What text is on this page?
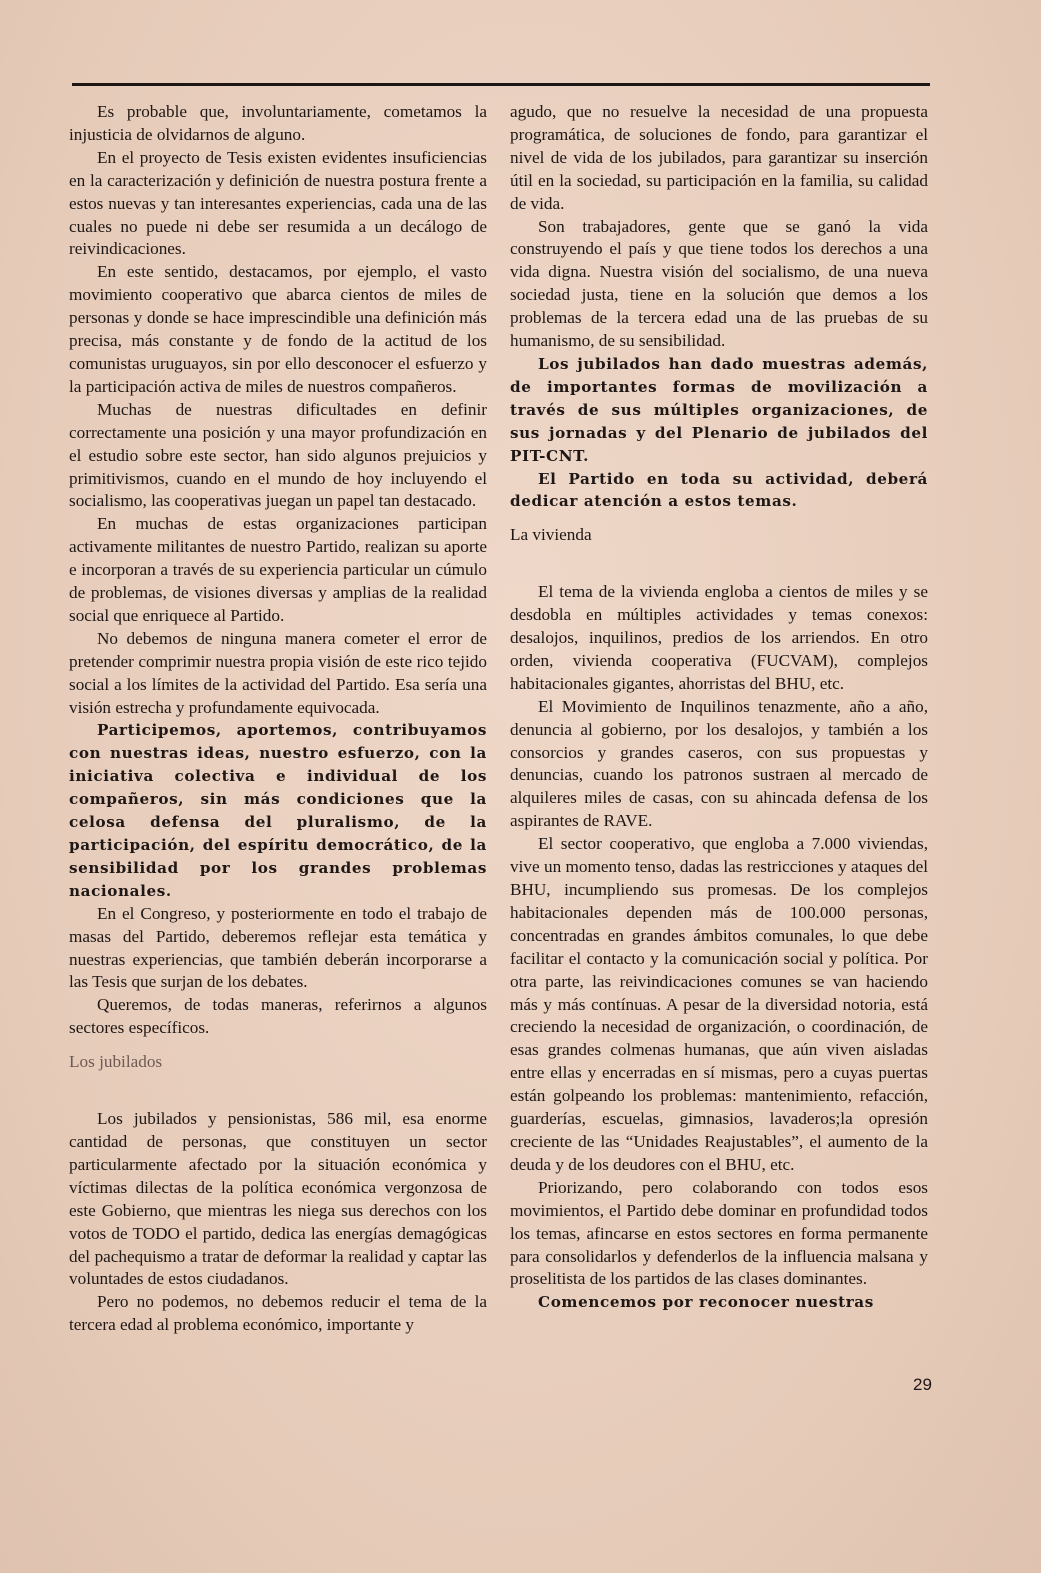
Es probable que, involuntariamente, cometamos la injusticia de olvidarnos de alguno.

En el proyecto de Tesis existen evidentes insuficiencias en la caracterización y definición de nuestra postura frente a estos nuevas y tan interesantes experiencias, cada una de las cuales no puede ni debe ser resumida a un decálogo de reivindicaciones.

En este sentido, destacamos, por ejemplo, el vasto movimiento cooperativo que abarca cientos de miles de personas y donde se hace imprescindible una definición más precisa, más constante y de fondo de la actitud de los comunistas uruguayos, sin por ello desconocer el esfuerzo y la participación activa de miles de nuestros compañeros.

Muchas de nuestras dificultades en definir correctamente una posición y una mayor profundización en el estudio sobre este sector, han sido algunos prejuicios y primitivismos, cuando en el mundo de hoy incluyendo el socialismo, las cooperativas juegan un papel tan destacado.

En muchas de estas organizaciones participan activamente militantes de nuestro Partido, realizan su aporte e incorporan a través de su experiencia particular un cúmulo de problemas, de visiones diversas y amplias de la realidad social que enriquece al Partido.

No debemos de ninguna manera cometer el error de pretender comprimir nuestra propia visión de este rico tejido social a los límites de la actividad del Partido. Esa sería una visión estrecha y profundamente equivocada.

Participemos, aportemos, contribuyamos con nuestras ideas, nuestro esfuerzo, con la iniciativa colectiva e individual de los compañeros, sin más condiciones que la celosa defensa del pluralismo, de la participación, del espíritu democrático, de la sensibilidad por los grandes problemas nacionales.

En el Congreso, y posteriormente en todo el trabajo de masas del Partido, deberemos reflejar esta temática y nuestras experiencias, que también deberán incorporarse a las Tesis que surjan de los debates.

Queremos, de todas maneras, referirnos a algunos sectores específicos.

Los jubilados

Los jubilados y pensionistas, 586 mil, esa enorme cantidad de personas, que constituyen un sector particularmente afectado por la situación económica y víctimas dilectas de la política económica vergonzosa de este Gobierno, que mientras les niega sus derechos con los votos de TODO el partido, dedica las energías demagógicas del pachequismo a tratar de deformar la realidad y captar las voluntades de estos ciudadanos.

Pero no podemos, no debemos reducir el tema de la tercera edad al problema económico, importante y

agudo, que no resuelve la necesidad de una propuesta programática, de soluciones de fondo, para garantizar el nivel de vida de los jubilados, para garantizar su inserción útil en la sociedad, su participación en la familia, su calidad de vida.

Son trabajadores, gente que se ganó la vida construyendo el país y que tiene todos los derechos a una vida digna. Nuestra visión del socialismo, de una nueva sociedad justa, tiene en la solución que demos a los problemas de la tercera edad una de las pruebas de su humanismo, de su sensibilidad.

Los jubilados han dado muestras además, de importantes formas de movilización a través de sus múltiples organizaciones, de sus jornadas y del Plenario de jubilados del PIT-CNT.

El Partido en toda su actividad, deberá dedicar atención a estos temas.

La vivienda

El tema de la vivienda engloba a cientos de miles y se desdobla en múltiples actividades y temas conexos: desalojos, inquilinos, predios de los arriendos. En otro orden, vivienda cooperativa (FUCVAM), complejos habitacionales gigantes, ahorristas del BHU, etc.

El Movimiento de Inquilinos tenazmente, año a año, denuncia al gobierno, por los desalojos, y también a los consorcios y grandes caseros, con sus propuestas y denuncias, cuando los patronos sustraen al mercado de alquileres miles de casas, con su ahincada defensa de los aspirantes de RAVE.

El sector cooperativo, que engloba a 7.000 viviendas, vive un momento tenso, dadas las restricciones y ataques del BHU, incumpliendo sus promesas. De los complejos habitacionales dependen más de 100.000 personas, concentradas en grandes ámbitos comunales, lo que debe facilitar el contacto y la comunicación social y política. Por otra parte, las reivindicaciones comunes se van haciendo más y más contínuas. A pesar de la diversidad notoria, está creciendo la necesidad de organización, o coordinación, de esas grandes colmenas humanas, que aún viven aisladas entre ellas y encerradas en sí mismas, pero a cuyas puertas están golpeando los problemas: mantenimiento, refacción, guarderías, escuelas, gimnasios, lavaderos;la opresión creciente de las “Unidades Reajustables”, el aumento de la deuda y de los deudores con el BHU, etc.

Priorizando, pero colaborando con todos esos movimientos, el Partido debe dominar en profundidad todos los temas, afincarse en estos sectores en forma permanente para consolidarlos y defenderlos de la influencia malsana y proselitista de los partidos de las clases dominantes.

Comencemos por reconocer nuestras

29
